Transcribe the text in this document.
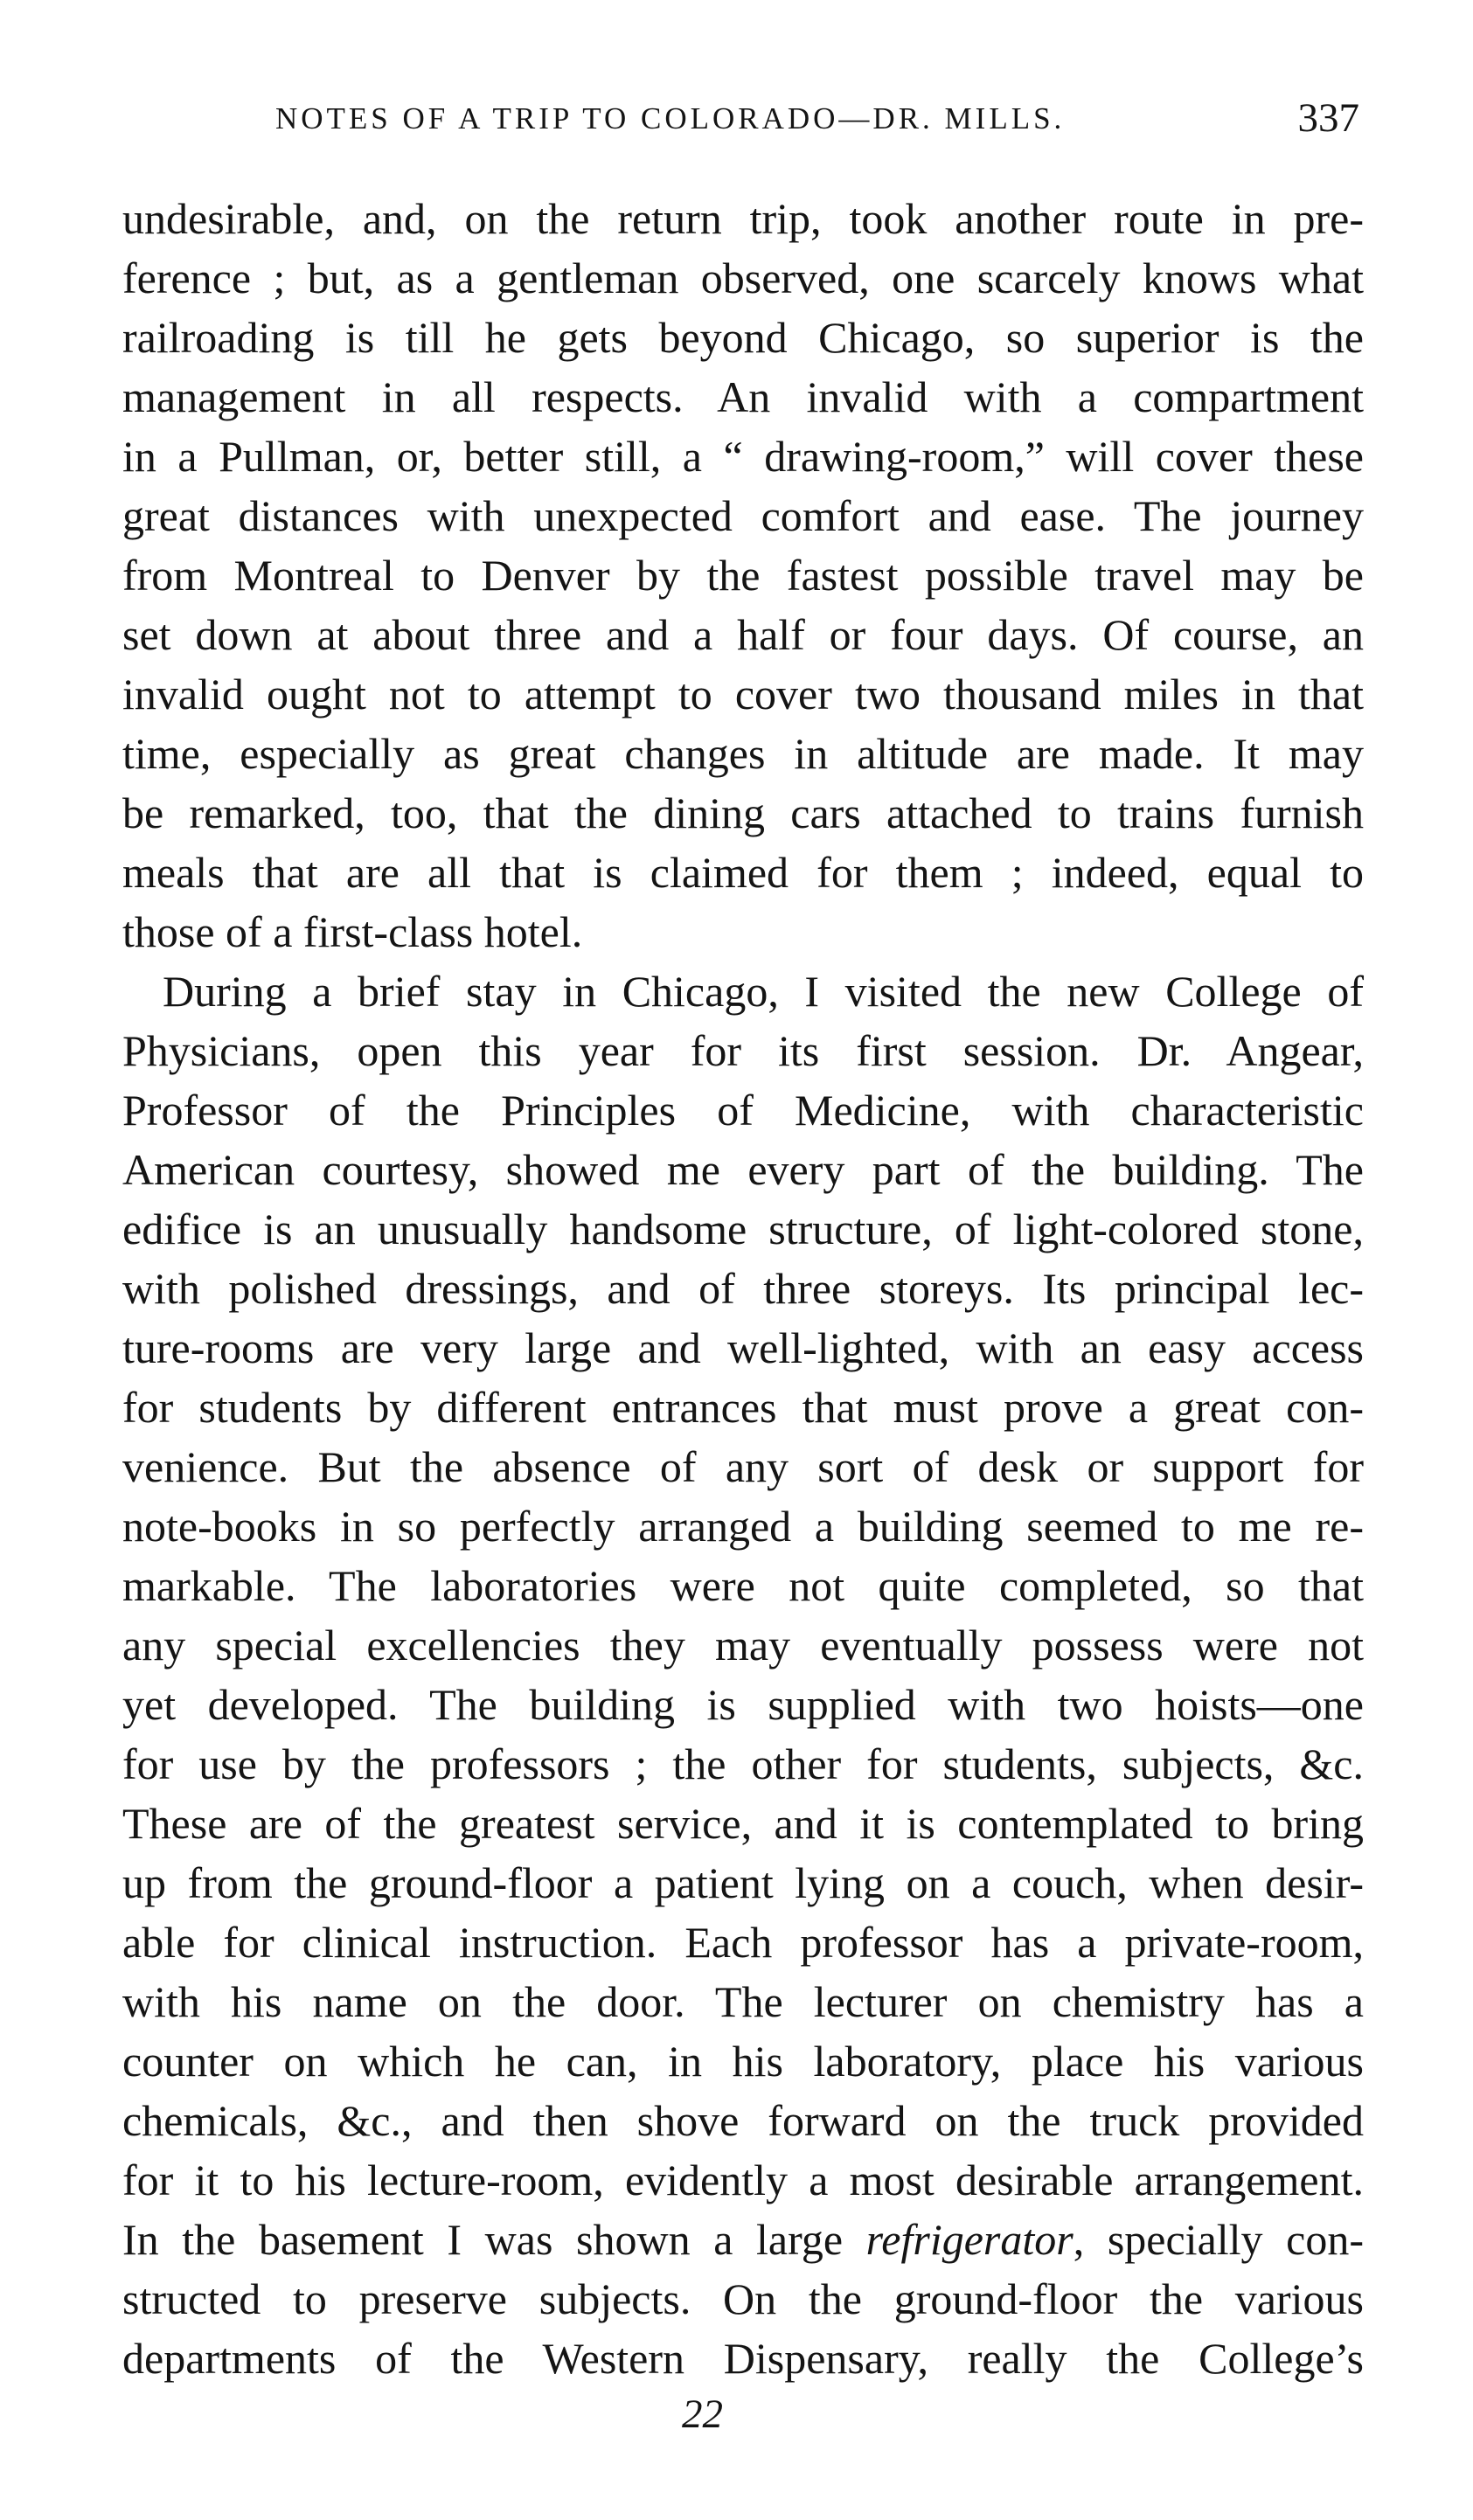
NOTES OF A TRIP TO COLORADO—DR. MILLS.	337
undesirable, and, on the return trip, took another route in pre-
ference ; but, as a gentleman observed, one scarcely knows what
railroading is till he gets beyond Chicago, so superior is the
management in all respects. An invalid with a compartment
in a Pullman, or, better still, a “ drawing-room,” will cover these
great distances with unexpected comfort and ease. The journey
from Montreal to Denver by the fastest possible travel may be
set down at about three and a half or four days. Of course, an
invalid ought not to attempt to cover two thousand miles in that
time, especially as great changes in altitude are made. It may
be remarked, too, that the dining cars attached to trains furnish
meals that are all that is claimed for them ; indeed, equal to
those of a first-class hotel.
During a brief stay in Chicago, I visited the new College of
Physicians, open this year for its first session. Dr. Angear,
Professor of the Principles of Medicine, with characteristic
American courtesy, showed me every part of the building. The
edifice is an unusually handsome structure, of light-colored stone,
with polished dressings, and of three storeys. Its principal lec-
ture-rooms are very large and well-lighted, with an easy access
for students by different entrances that must prove a great con-
venience. But the absence of any sort of desk or support for
note-books in so perfectly arranged a building seemed to me re-
markable. The laboratories were not quite completed, so that
any special excellencies they may eventually possess were not
yet developed. The building is supplied with two hoists—one
for use by the professors ; the other for students, subjects, &c.
These are of the greatest service, and it is contemplated to bring
up from the ground-floor a patient lying on a couch, when desir-
able for clinical instruction. Each professor has a private-room,
with his name on the door. The lecturer on chemistry has a
counter on which he can, in his laboratory, place his various
chemicals, &c., and then shove forward on the truck provided
for it to his lecture-room, evidently a most desirable arrangement.
In the basement I was shown a large refrigerator, specially con-
structed to preserve subjects. On the ground-floor the various
departments of the Western Dispensary, really the College’s
22
